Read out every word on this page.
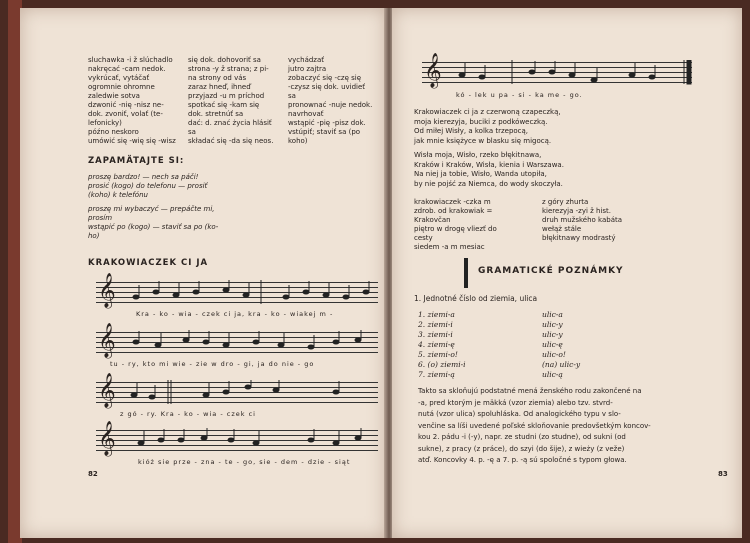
sluchawka -i ž slúchadlo
nakręcać -cam nedok.
vykrúcať, vytáčať
ogromnie ohromne
zaledwie sotva
dzwonić -nię -nisz ne-
dok. zvoniť, volať (te-
lefonicky)
późno neskoro
umówić się -wię się -wisz
się dok. dohovoriť sa
strona -y ž strana; z pi-
na strony od vás
zaraz hneď, ihneď
przyjazd -u m príchod
spotkać się -kam się
dok. stretnúť sa
dać: d. znać życia hlásiť
sa
składać się -da się neos.
vychádzať
jutro zajtra
zobaczyć się -czę się
-czysz się dok. uvidieť
sa
pronownać -nuje nedok.
navrhovať
wstąpić -pię -pisz dok.
vstúpiť; staviť sa (po
koho)
ZAPAMÄTAJTE SI:
proszę bardzo! — nech sa páči!
prosić (kogo) do telefonu — prosiť
(koho) k telefónu
proszę mi wybaczyć — prepáčte mi,
prosím
wstąpić po (kogo) — staviť sa po (ko-
ho)
KRAKOWIACZEK CI JA
𝄞
Kra - ko - wia - czek ci ja, kra - ko - wiakej m -
𝄞
tu - ry, kto mi wie - zie w dro - gi, ja do nie - go
𝄞
z gó - ry. Kra - ko - wia - czek ci
𝄞
kióż sie prze - zna - te - go, sie - dem - dzie - siąt
82
𝄞
kó - lek u pa - si - ka me - go.
Krakowiaczek ci ja z czerwoną czapeczką,
mojа kierezyja, buciki z podkóweczką.
Od miłej Wisły, a kolka trzepocą,
jak mnie księżyce w blasku się migocą.
Wisła moja, Wisło, rzeko błękitnawa,
Kraków i Kraków, Wisła, kienia i Warszawa.
Na niej ja tobie, Wisło, Wanda utopiła,
by nie pojść za Niemca, do wody skoczyła.
krakowiaczek -czka m
zdrob. od krakowiak =
Krakovčan
piętro w drogę vliezť do
cesty
siedem -a m mesiac
z góry zhurta
kierezyja -zyi ž hist.
druh mužského kabáta
wełąż stále
błękitnawy modrastý
GRAMATICKÉ POZNÁMKY
1. Jednotné číslo od ziemia, ulica
1. ziemi-a
2. ziemi-i
3. ziemi-i
4. ziemi-ę
5. ziemi-o!
6. (o) ziemi-i
7. ziemi-ą
ulic-a
ulic-y
ulic-y
ulic-ę
ulic-o!
(na) ulic-y
ulic-ą
Takto sa skloňujú podstatné mená ženského rodu zakončené na
-a, pred ktorým je mäkká (vzor ziemia) alebo tzv. stvrd-
nutá (vzor ulica) spoluhláska. Od analogického typu v slo-
venčine sa líši uvedené poľské skloňovanie predovšetkým koncov-
kou 2. pádu -i (-y), napr. ze studni (zo studne), od sukni (od
sukne), z pracy (z práce), do szyi (do šije), z wieży (z veže)
atď. Koncovky 4. p. -ę a 7. p. -ą sú spoločné s typom głowa.
83
